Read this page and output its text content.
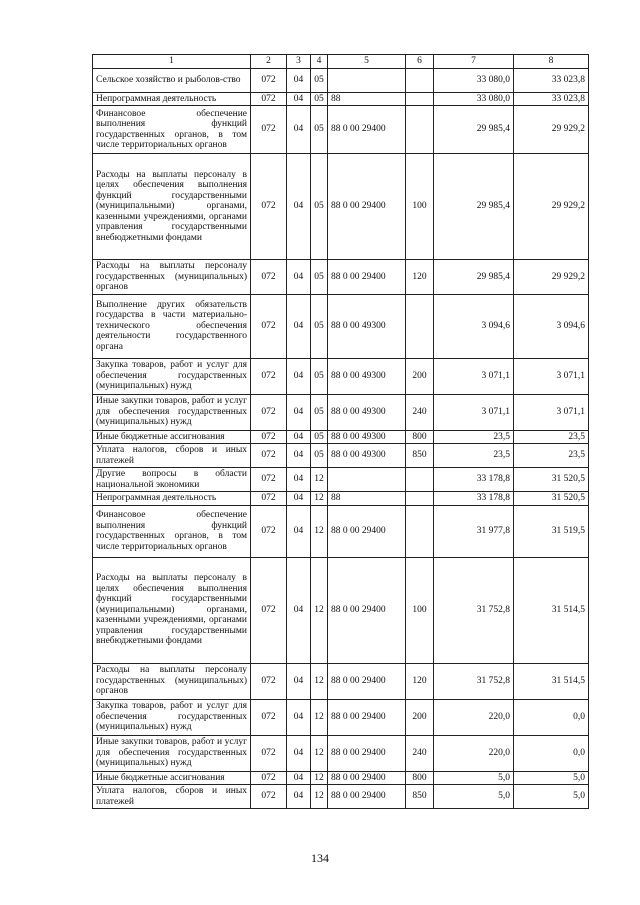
1	2	3	4	5	6	7	8
Сельское хозяйство и рыболов-ство	072	04	05			33 080,0	33 023,8
Непрограммная деятельность	072	04	05	88		33 080,0	33 023,8
Финансовое обеспечение выполнения функций государственных органов, в том числе территориальных органов	072	04	05	88 0 00 29400		29 985,4	29 929,2
Расходы на выплаты персоналу в целях обеспечения выполнения функций государственными (муниципальными) органами, казенными учреждениями, органами управления государственными внебюджетными фондами	072	04	05	88 0 00 29400	100	29 985,4	29 929,2
Расходы на выплаты персоналу государственных (муниципальных) органов	072	04	05	88 0 00 29400	120	29 985,4	29 929,2
Выполнение других обязательств государства в части материально-технического обеспечения деятельности государственного органа	072	04	05	88 0 00 49300		3 094,6	3 094,6
Закупка товаров, работ и услуг для обеспечения государственных (муниципальных) нужд	072	04	05	88 0 00 49300	200	3 071,1	3 071,1
Иные закупки товаров, работ и услуг для обеспечения государственных (муниципальных) нужд	072	04	05	88 0 00 49300	240	3 071,1	3 071,1
Иные бюджетные ассигнования	072	04	05	88 0 00 49300	800	23,5	23,5
Уплата налогов, сборов и иных платежей	072	04	05	88 0 00 49300	850	23,5	23,5
Другие вопросы в области национальной экономики	072	04	12			33 178,8	31 520,5
Непрограммная деятельность	072	04	12	88		33 178,8	31 520,5
Финансовое обеспечение выполнения функций государственных органов, в том числе территориальных органов	072	04	12	88 0 00 29400		31 977,8	31 519,5
Расходы на выплаты персоналу в целях обеспечения выполнения функций государственными (муниципальными) органами, казенными учреждениями, органами управления государственными внебюджетными фондами	072	04	12	88 0 00 29400	100	31 752,8	31 514,5
Расходы на выплаты персоналу государственных (муниципальных) органов	072	04	12	88 0 00 29400	120	31 752,8	31 514,5
Закупка товаров, работ и услуг для обеспечения государственных (муниципальных) нужд	072	04	12	88 0 00 29400	200	220,0	0,0
Иные закупки товаров, работ и услуг для обеспечения государственных (муниципальных) нужд	072	04	12	88 0 00 29400	240	220,0	0,0
Иные бюджетные ассигнования	072	04	12	88 0 00 29400	800	5,0	5,0
Уплата налогов, сборов и иных платежей	072	04	12	88 0 00 29400	850	5,0	5,0
134
